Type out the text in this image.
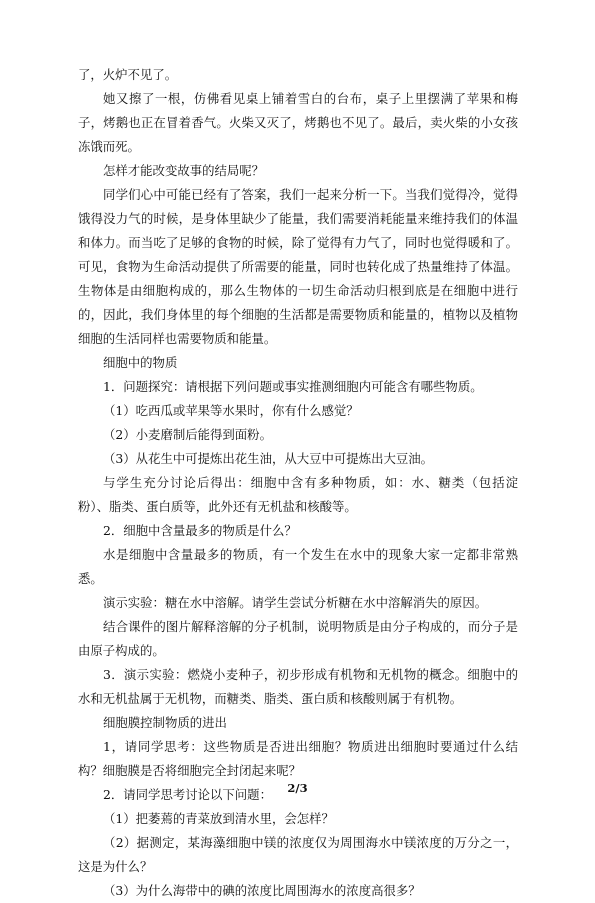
了，火炉不见了。

她又擦了一根，仿佛看见桌上铺着雪白的台布，桌子上里摆满了苹果和梅子，烤鹅也正在冒着香气。火柴又灭了，烤鹅也不见了。最后，卖火柴的小女孩冻饿而死。

怎样才能改变故事的结局呢？

同学们心中可能已经有了答案，我们一起来分析一下。当我们觉得冷，觉得饿得没力气的时候，是身体里缺少了能量，我们需要消耗能量来维持我们的体温和体力。而当吃了足够的食物的时候，除了觉得有力气了，同时也觉得暖和了。可见，食物为生命活动提供了所需要的能量，同时也转化成了热量维持了体温。生物体是由细胞构成的，那么生物体的一切生命活动归根到底是在细胞中进行的，因此，我们身体里的每个细胞的生活都是需要物质和能量的，植物以及植物细胞的生活同样也需要物质和能量。

细胞中的物质

1．问题探究：请根据下列问题或事实推测细胞内可能含有哪些物质。

（1）吃西瓜或苹果等水果时，你有什么感觉？

（2）小麦磨制后能得到面粉。

（3）从花生中可提炼出花生油，从大豆中可提炼出大豆油。

与学生充分讨论后得出：细胞中含有多种物质，如：水、糖类（包括淀粉）、脂类、蛋白质等，此外还有无机盐和核酸等。

2．细胞中含量最多的物质是什么？

水是细胞中含量最多的物质，有一个发生在水中的现象大家一定都非常熟悉。

演示实验：糖在水中溶解。请学生尝试分析糖在水中溶解消失的原因。

结合课件的图片解释溶解的分子机制，说明物质是由分子构成的，而分子是由原子构成的。

3．演示实验：燃烧小麦种子，初步形成有机物和无机物的概念。细胞中的水和无机盐属于无机物，而糖类、脂类、蛋白质和核酸则属于有机物。

细胞膜控制物质的进出

1，请同学思考：这些物质是否进出细胞？物质进出细胞时要通过什么结构？细胞膜是否将细胞完全封闭起来呢？

2．请同学思考讨论以下问题：

（1）把萎蔫的青菜放到清水里，会怎样？

（2）据测定，某海藻细胞中镁的浓度仅为周围海水中镁浓度的万分之一，这是为什么？

（3）为什么海带中的碘的浓度比周围海水的浓度高很多？

2/3
